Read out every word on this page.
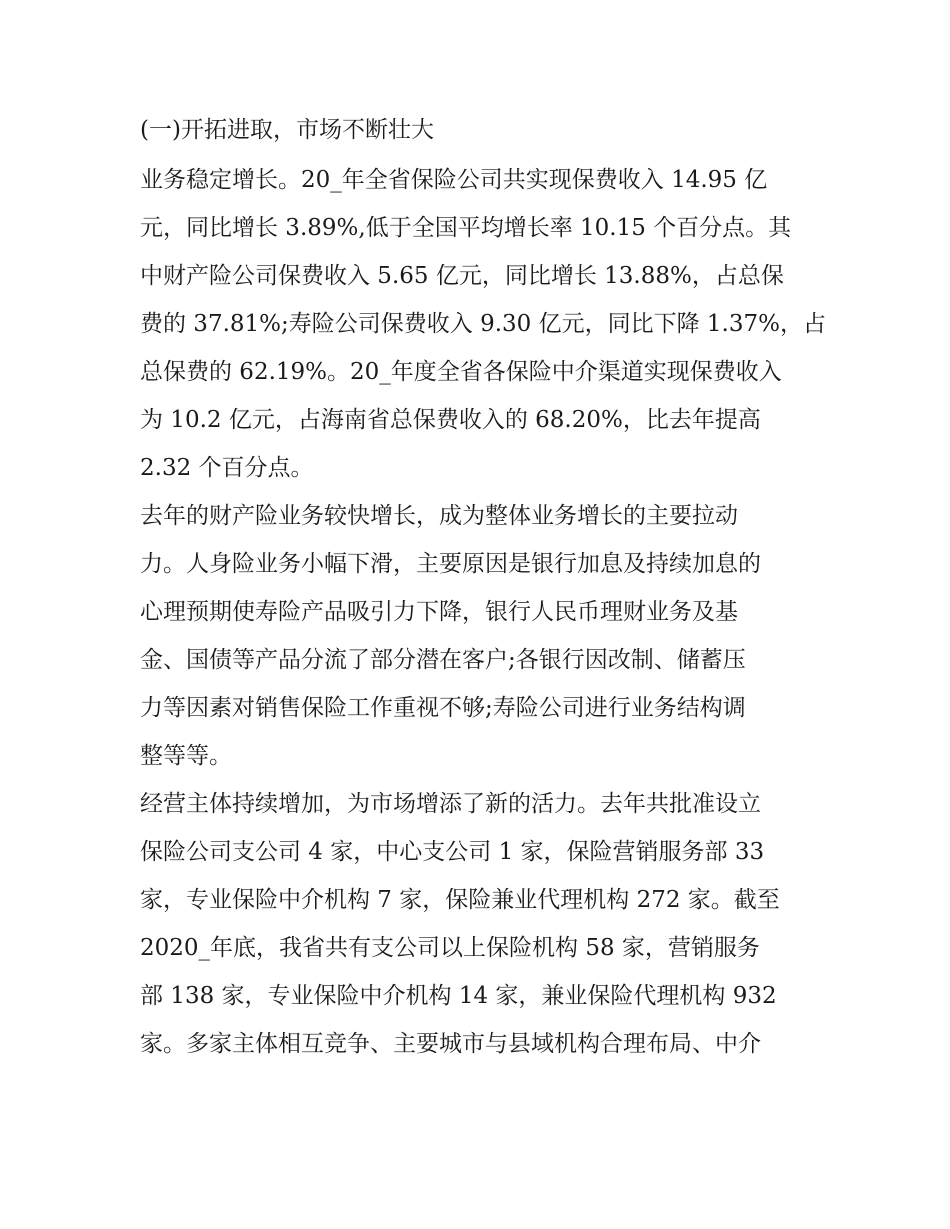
(一)开拓进取，市场不断壮大
业务稳定增长。20_年全省保险公司共实现保费收入 14.95 亿
元，同比增长 3.89%,低于全国平均增长率 10.15 个百分点。其
中财产险公司保费收入 5.65 亿元，同比增长 13.88%，占总保
费的 37.81%;寿险公司保费收入 9.30 亿元，同比下降 1.37%，占
总保费的 62.19%。20_年度全省各保险中介渠道实现保费收入
为 10.2 亿元，占海南省总保费收入的 68.20%，比去年提高
2.32 个百分点。
去年的财产险业务较快增长，成为整体业务增长的主要拉动
力。人身险业务小幅下滑，主要原因是银行加息及持续加息的
心理预期使寿险产品吸引力下降，银行人民币理财业务及基
金、国债等产品分流了部分潜在客户;各银行因改制、储蓄压
力等因素对销售保险工作重视不够;寿险公司进行业务结构调
整等等。
经营主体持续增加，为市场增添了新的活力。去年共批准设立
保险公司支公司 4 家，中心支公司 1 家，保险营销服务部 33
家，专业保险中介机构 7 家，保险兼业代理机构 272 家。截至
2020_年底，我省共有支公司以上保险机构 58 家，营销服务
部 138 家，专业保险中介机构 14 家，兼业保险代理机构 932
家。多家主体相互竞争、主要城市与县域机构合理布局、中介
